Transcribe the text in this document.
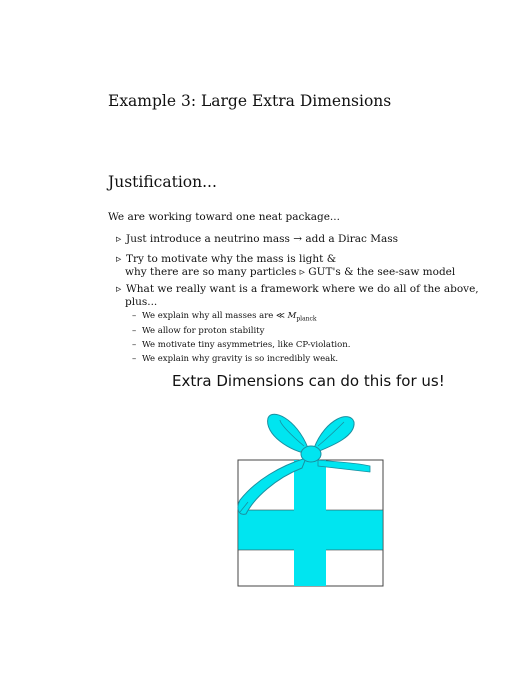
Example 3: Large Extra Dimensions
Justification...
We are working toward one neat package...
▹ Just introduce a neutrino mass → add a Dirac Mass
▹ Try to motivate why the mass is light &
why there are so many particles ▹ GUT's & the see-saw model
▹ What we really want is a framework where we do all of the above,
plus...
– We explain why all masses are ≪ $M_{planck}$
– We allow for proton stability
– We motivate tiny asymmetries, like CP-violation.
– We explain why gravity is so incredibly weak.
Extra Dimensions can do this for us!
